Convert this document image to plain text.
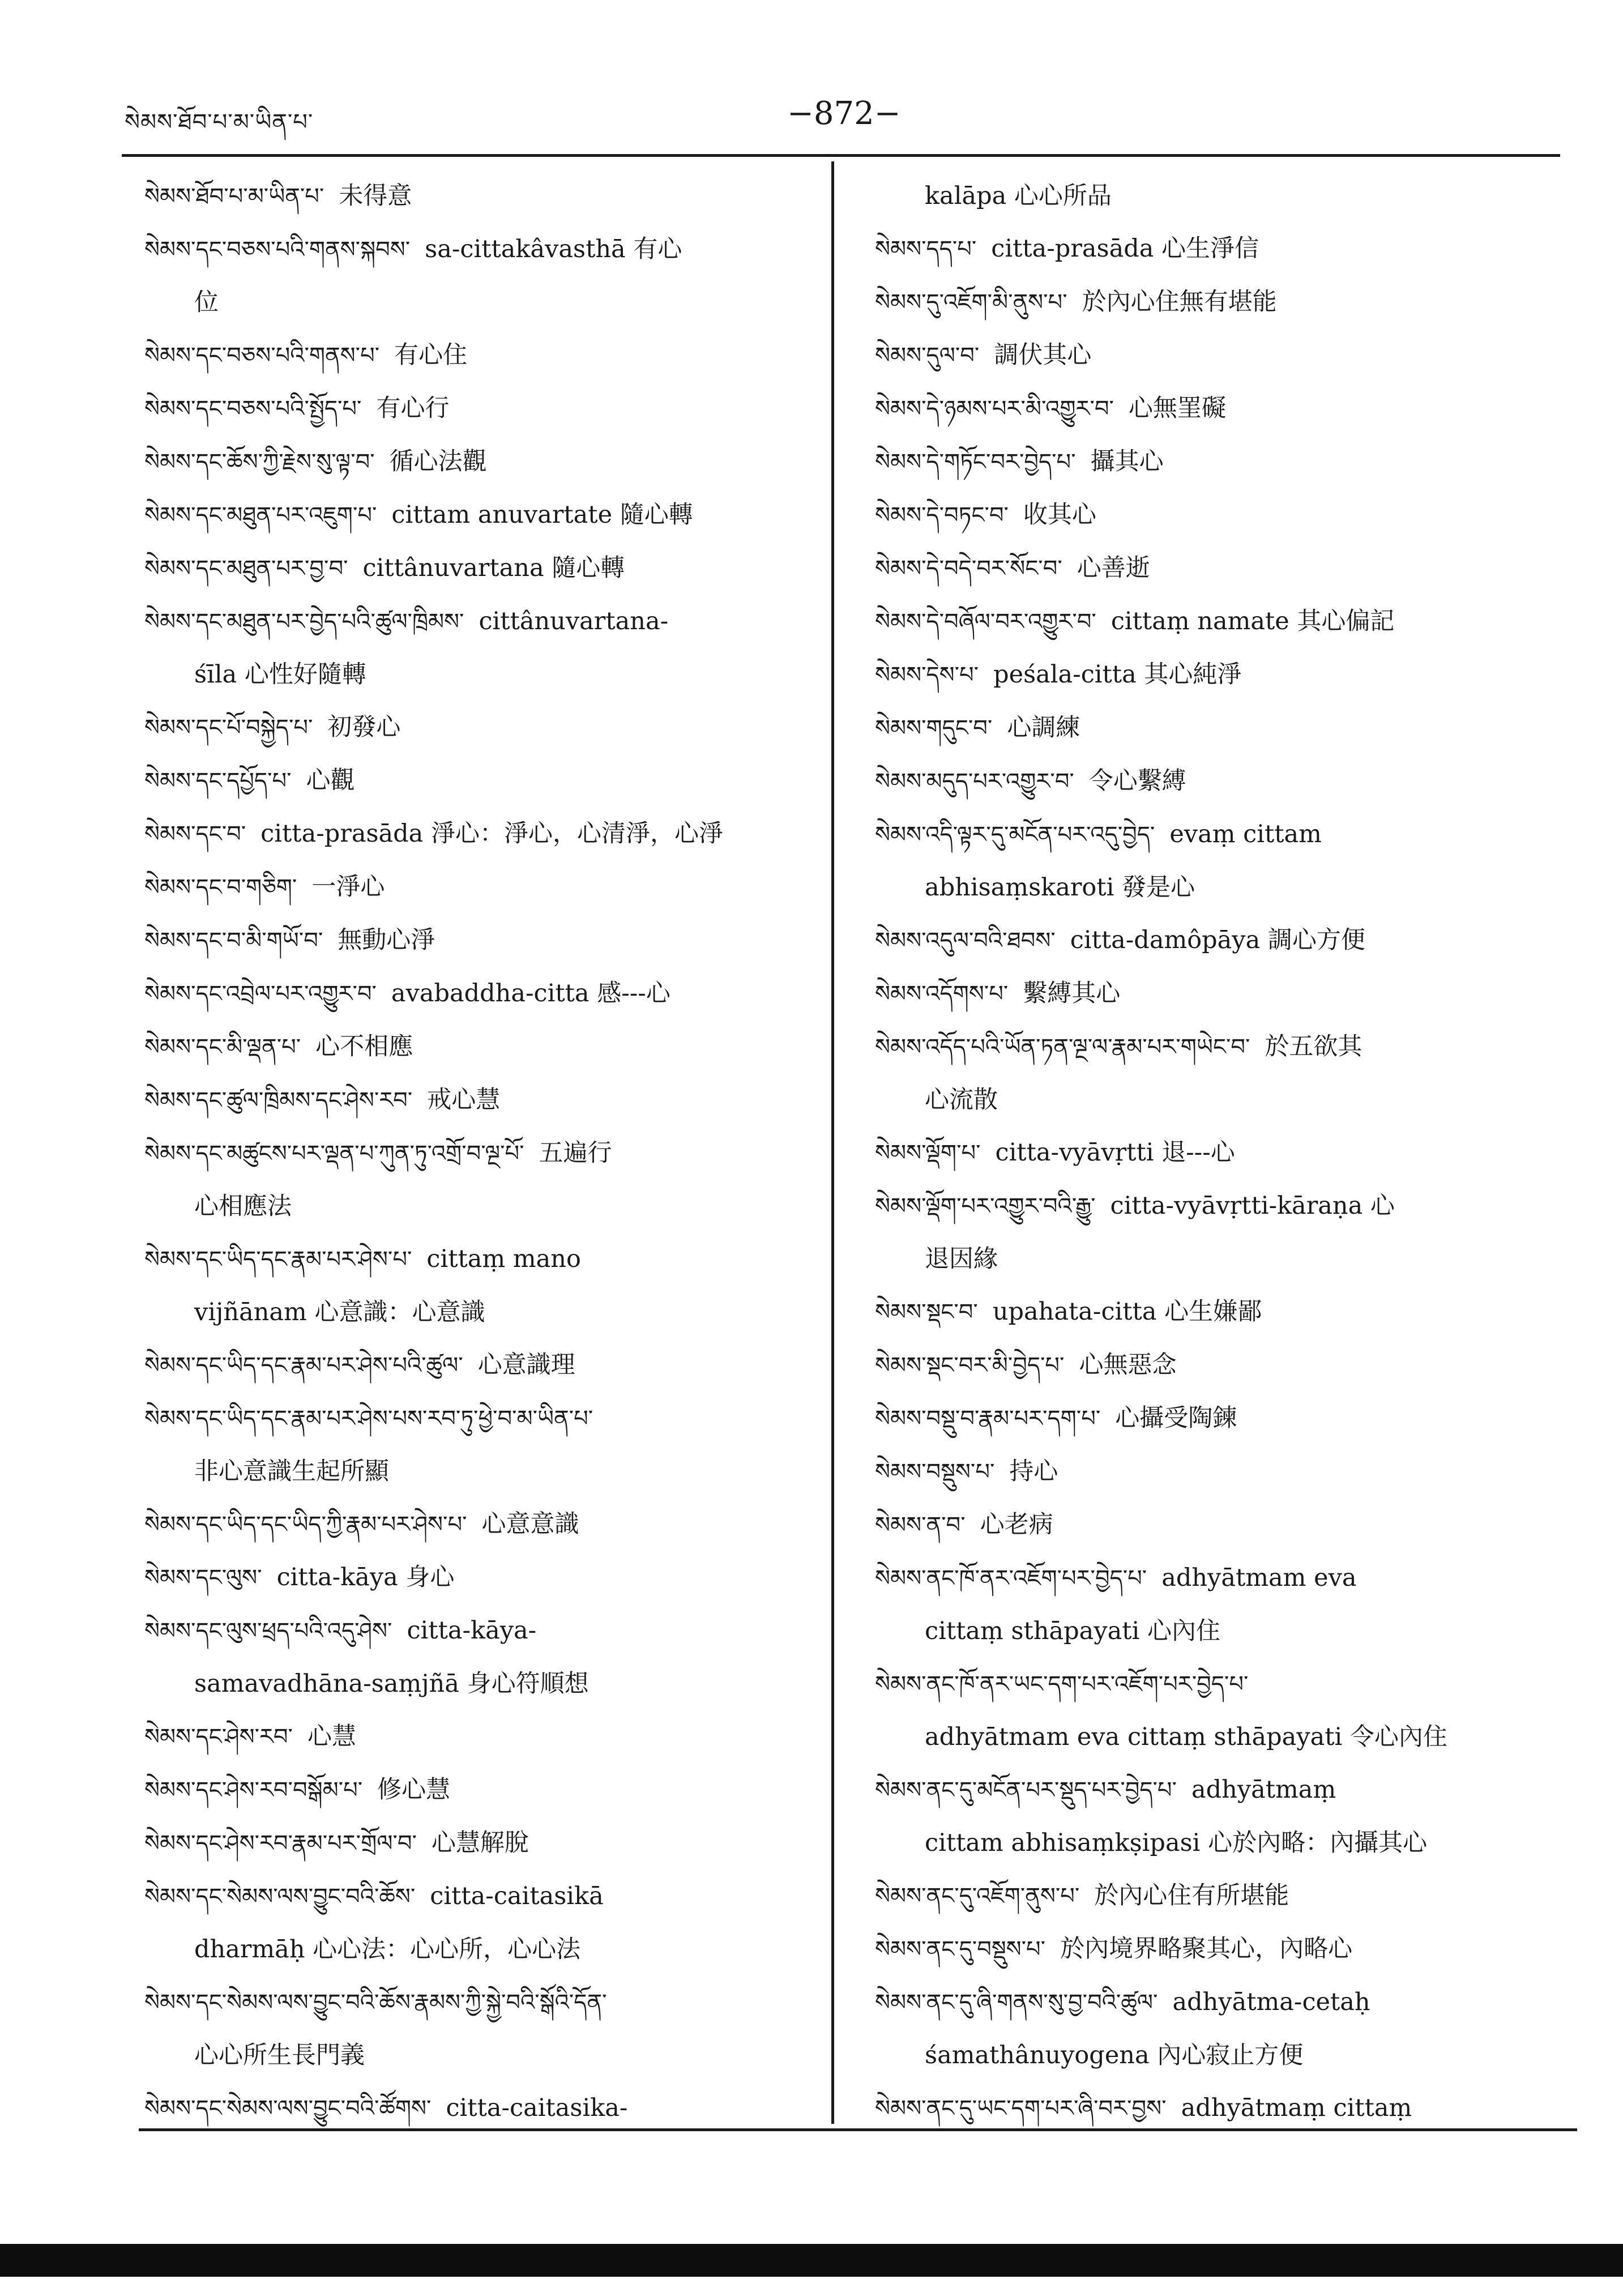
སེམས་ཐོབ་པ་མ་ཡིན་པ་	−872−
སེམས་ཐོབ་པ་མ་ཡིན་པ་ 未得意
སེམས་དང་བཅས་པའི་གནས་སྐབས་ sa-cittakâvasthā 有心
位
སེམས་དང་བཅས་པའི་གནས་པ་ 有心住
སེམས་དང་བཅས་པའི་སྤྱོད་པ་ 有心行
སེམས་དང་ཆོས་ཀྱི་རྗེས་སུ་ལྟ་བ་ 循心法觀
སེམས་དང་མཐུན་པར་འཇུག་པ་ cittam anuvartate 隨心轉
སེམས་དང་མཐུན་པར་བྱ་བ་ cittânuvartana 隨心轉
སེམས་དང་མཐུན་པར་བྱེད་པའི་ཚུལ་ཁྲིམས་ cittânuvartana-
śīla 心性好隨轉
སེམས་དང་པོ་བསྐྱེད་པ་ 初發心
སེམས་དང་དཔྱོད་པ་ 心觀
སེམས་དང་བ་ citta-prasāda 淨心：淨心，心清淨，心淨
སེམས་དང་བ་གཅིག་ 一淨心
སེམས་དང་བ་མི་གཡོ་བ་ 無動心淨
སེམས་དང་འབྲེལ་པར་འགྱུར་བ་ avabaddha-citta 感---心
སེམས་དང་མི་ལྡན་པ་ 心不相應
སེམས་དང་ཚུལ་ཁྲིམས་དང་ཤེས་རབ་ 戒心慧
སེམས་དང་མཚུངས་པར་ལྡན་པ་ཀུན་ཏུ་འགྲོ་བ་ལྔ་པོ་ 五遍行
心相應法
སེམས་དང་ཡིད་དང་རྣམ་པར་ཤེས་པ་ cittaṃ mano
vijñānam 心意識：心意識
སེམས་དང་ཡིད་དང་རྣམ་པར་ཤེས་པའི་ཚུལ་ 心意識理
སེམས་དང་ཡིད་དང་རྣམ་པར་ཤེས་པས་རབ་ཏུ་ཕྱེ་བ་མ་ཡིན་པ་
非心意識生起所顯
སེམས་དང་ཡིད་དང་ཡིད་ཀྱི་རྣམ་པར་ཤེས་པ་ 心意意識
སེམས་དང་ལུས་ citta-kāya 身心
སེམས་དང་ལུས་ཕྲད་པའི་འདུ་ཤེས་ citta-kāya-
samavadhāna-saṃjñā 身心符順想
སེམས་དང་ཤེས་རབ་ 心慧
སེམས་དང་ཤེས་རབ་བསྒོམ་པ་ 修心慧
སེམས་དང་ཤེས་རབ་རྣམ་པར་གྲོལ་བ་ 心慧解脫
སེམས་དང་སེམས་ལས་བྱུང་བའི་ཆོས་ citta-caitasikā
dharmāḥ 心心法：心心所，心心法
སེམས་དང་སེམས་ལས་བྱུང་བའི་ཆོས་རྣམས་ཀྱི་སྐྱེ་བའི་སྒོའི་དོན་
心心所生長門義
སེམས་དང་སེམས་ལས་བྱུང་བའི་ཚོགས་ citta-caitasika-
kalāpa 心心所品
སེམས་དད་པ་ citta-prasāda 心生淨信
སེམས་དུ་འཇོག་མི་ནུས་པ་ 於內心住無有堪能
སེམས་དུལ་བ་ 調伏其心
སེམས་དེ་ཉམས་པར་མི་འགྱུར་བ་ 心無罣礙
སེམས་དེ་གཏོང་བར་བྱེད་པ་ 攝其心
སེམས་དེ་བཏང་བ་ 收其心
སེམས་དེ་བདེ་བར་སོང་བ་ 心善逝
སེམས་དེ་བཞོལ་བར་འགྱུར་བ་ cittaṃ namate 其心偏記
སེམས་དེས་པ་ peśala-citta 其心純淨
སེམས་གདུང་བ་ 心調練
སེམས་མདུད་པར་འགྱུར་བ་ 令心繫縛
སེམས་འདི་ལྟར་དུ་མངོན་པར་འདུ་བྱེད་ evaṃ cittam
abhisaṃskaroti 發是心
སེམས་འདུལ་བའི་ཐབས་ citta-damôpāya 調心方便
སེམས་འདོགས་པ་ 繫縛其心
སེམས་འདོད་པའི་ཡོན་ཏན་ལྔ་ལ་རྣམ་པར་གཡེང་བ་ 於五欲其
心流散
སེམས་ལྡོག་པ་ citta-vyāvṛtti 退---心
སེམས་ལྡོག་པར་འགྱུར་བའི་རྒྱུ་ citta-vyāvṛtti-kāraṇa 心
退因緣
སེམས་སྡང་བ་ upahata-citta 心生嫌鄙
སེམས་སྡང་བར་མི་བྱེད་པ་ 心無惡念
སེམས་བསྡུ་བ་རྣམ་པར་དག་པ་ 心攝受陶鍊
སེམས་བསྡུས་པ་ 持心
སེམས་ན་བ་ 心老病
སེམས་ནང་ཁོ་ནར་འཇོག་པར་བྱེད་པ་ adhyātmam eva
cittaṃ sthāpayati 心內住
སེམས་ནང་ཁོ་ནར་ཡང་དག་པར་འཇོག་པར་བྱེད་པ་
adhyātmam eva cittaṃ sthāpayati 令心內住
སེམས་ནང་དུ་མངོན་པར་སྡུད་པར་བྱེད་པ་ adhyātmaṃ
cittam abhisaṃkṣipasi 心於內略：內攝其心
སེམས་ནང་དུ་འཇོག་ནུས་པ་ 於內心住有所堪能
སེམས་ནང་དུ་བསྡུས་པ་ 於內境界略聚其心，內略心
སེམས་ནང་དུ་ཞི་གནས་སུ་བྱ་བའི་ཚུལ་ adhyātma-cetaḥ
śamathânuyogena 內心寂止方便
སེམས་ནང་དུ་ཡང་དག་པར་ཞི་བར་བྱས་ adhyātmaṃ cittaṃ
